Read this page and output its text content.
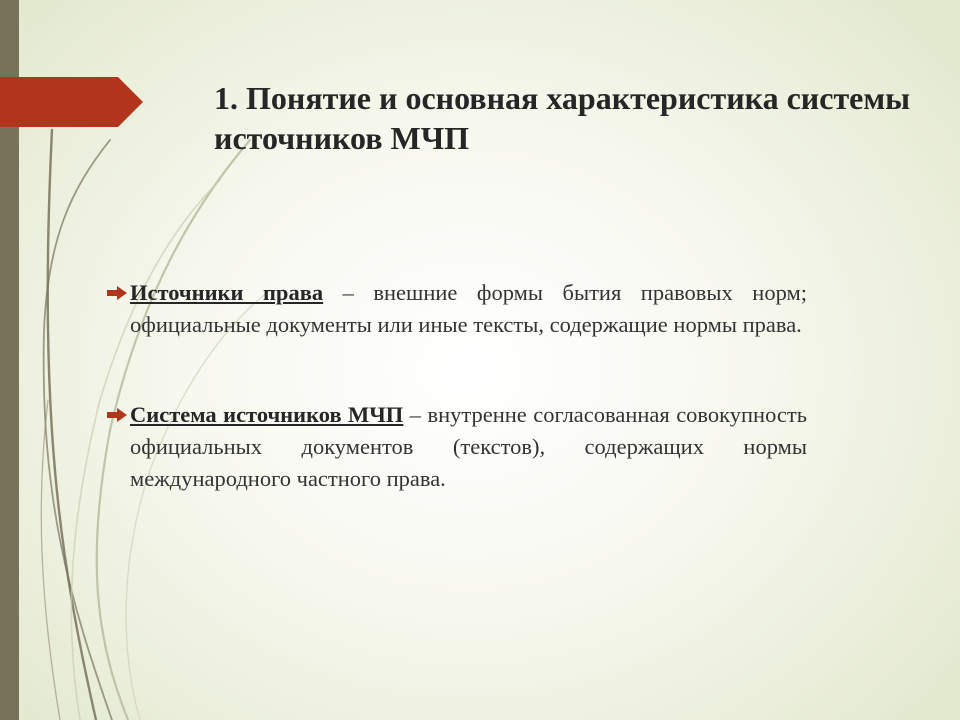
1. Понятие и основная характеристика системы источников МЧП
Источники права – внешние формы бытия правовых норм; официальные документы или иные тексты, содержащие нормы права.
Система источников МЧП – внутренне согласованная совокупность официальных документов (текстов), содержащих нормы международного частного права.
